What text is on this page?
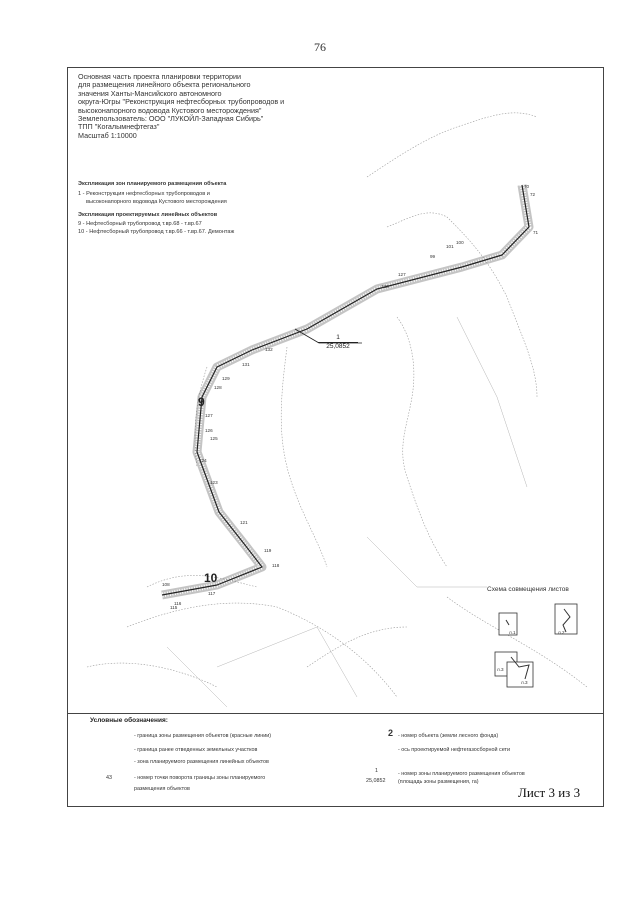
76
Основная часть проекта планировки территории
для размещения линейного объекта регионального
значения Ханты-Мансийского автономного
округа-Югры "Реконструкция нефтесборных трубопроводов и
высоконапорного водовода Кустового месторождения"
Землепользователь: ООО "ЛУКОЙЛ-Западная Сибирь"
ТПП "Когалымнефтегаз"
Масштаб 1:10000
Экспликация зон планируемого размещения объекта
1 - Реконструкция нефтесборных трубопроводов и
высоконапорного водовода Кустового месторождения
Экспликация проектируемых линейных объектов
9 - Нефтесборный трубопровод т.вр.68 - т.вр.67
10 - Нефтесборный трубопровод т.вр.66 - т.вр.67. Демонтаж
9
10
1
25,0852
70
72
71
99
101
100
127
133
132
131
129
128
127
126
125
124
123
121
119
118
117
116
115
108
Схема совмещения листов
л.1	л.2
л.3
л.3
Условные обозначения:
- граница зоны размещения объектов (красные линии)
- граница ранее отведенных земельных участков
- зона планируемого размещения линейных объектов
43	- номер точки поворота границы зоны планируемого
размещения объектов
2 - номер объекта (земли лесного фонда)
- ось проектируемой нефтегазосборной сети
1
25,0852
- номер зоны планируемого размещения объектов
(площадь зоны размещения, га)
Лист 3 из 3
